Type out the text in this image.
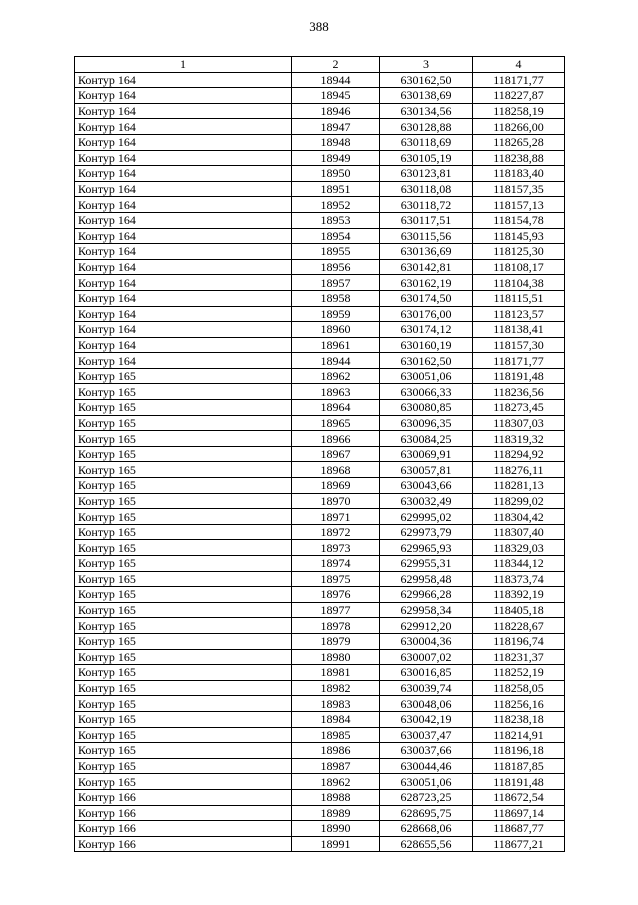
388
1	2	3	4
Контур 164	18944	630162,50	118171,77
Контур 164	18945	630138,69	118227,87
Контур 164	18946	630134,56	118258,19
Контур 164	18947	630128,88	118266,00
Контур 164	18948	630118,69	118265,28
Контур 164	18949	630105,19	118238,88
Контур 164	18950	630123,81	118183,40
Контур 164	18951	630118,08	118157,35
Контур 164	18952	630118,72	118157,13
Контур 164	18953	630117,51	118154,78
Контур 164	18954	630115,56	118145,93
Контур 164	18955	630136,69	118125,30
Контур 164	18956	630142,81	118108,17
Контур 164	18957	630162,19	118104,38
Контур 164	18958	630174,50	118115,51
Контур 164	18959	630176,00	118123,57
Контур 164	18960	630174,12	118138,41
Контур 164	18961	630160,19	118157,30
Контур 164	18944	630162,50	118171,77
Контур 165	18962	630051,06	118191,48
Контур 165	18963	630066,33	118236,56
Контур 165	18964	630080,85	118273,45
Контур 165	18965	630096,35	118307,03
Контур 165	18966	630084,25	118319,32
Контур 165	18967	630069,91	118294,92
Контур 165	18968	630057,81	118276,11
Контур 165	18969	630043,66	118281,13
Контур 165	18970	630032,49	118299,02
Контур 165	18971	629995,02	118304,42
Контур 165	18972	629973,79	118307,40
Контур 165	18973	629965,93	118329,03
Контур 165	18974	629955,31	118344,12
Контур 165	18975	629958,48	118373,74
Контур 165	18976	629966,28	118392,19
Контур 165	18977	629958,34	118405,18
Контур 165	18978	629912,20	118228,67
Контур 165	18979	630004,36	118196,74
Контур 165	18980	630007,02	118231,37
Контур 165	18981	630016,85	118252,19
Контур 165	18982	630039,74	118258,05
Контур 165	18983	630048,06	118256,16
Контур 165	18984	630042,19	118238,18
Контур 165	18985	630037,47	118214,91
Контур 165	18986	630037,66	118196,18
Контур 165	18987	630044,46	118187,85
Контур 165	18962	630051,06	118191,48
Контур 166	18988	628723,25	118672,54
Контур 166	18989	628695,75	118697,14
Контур 166	18990	628668,06	118687,77
Контур 166	18991	628655,56	118677,21
